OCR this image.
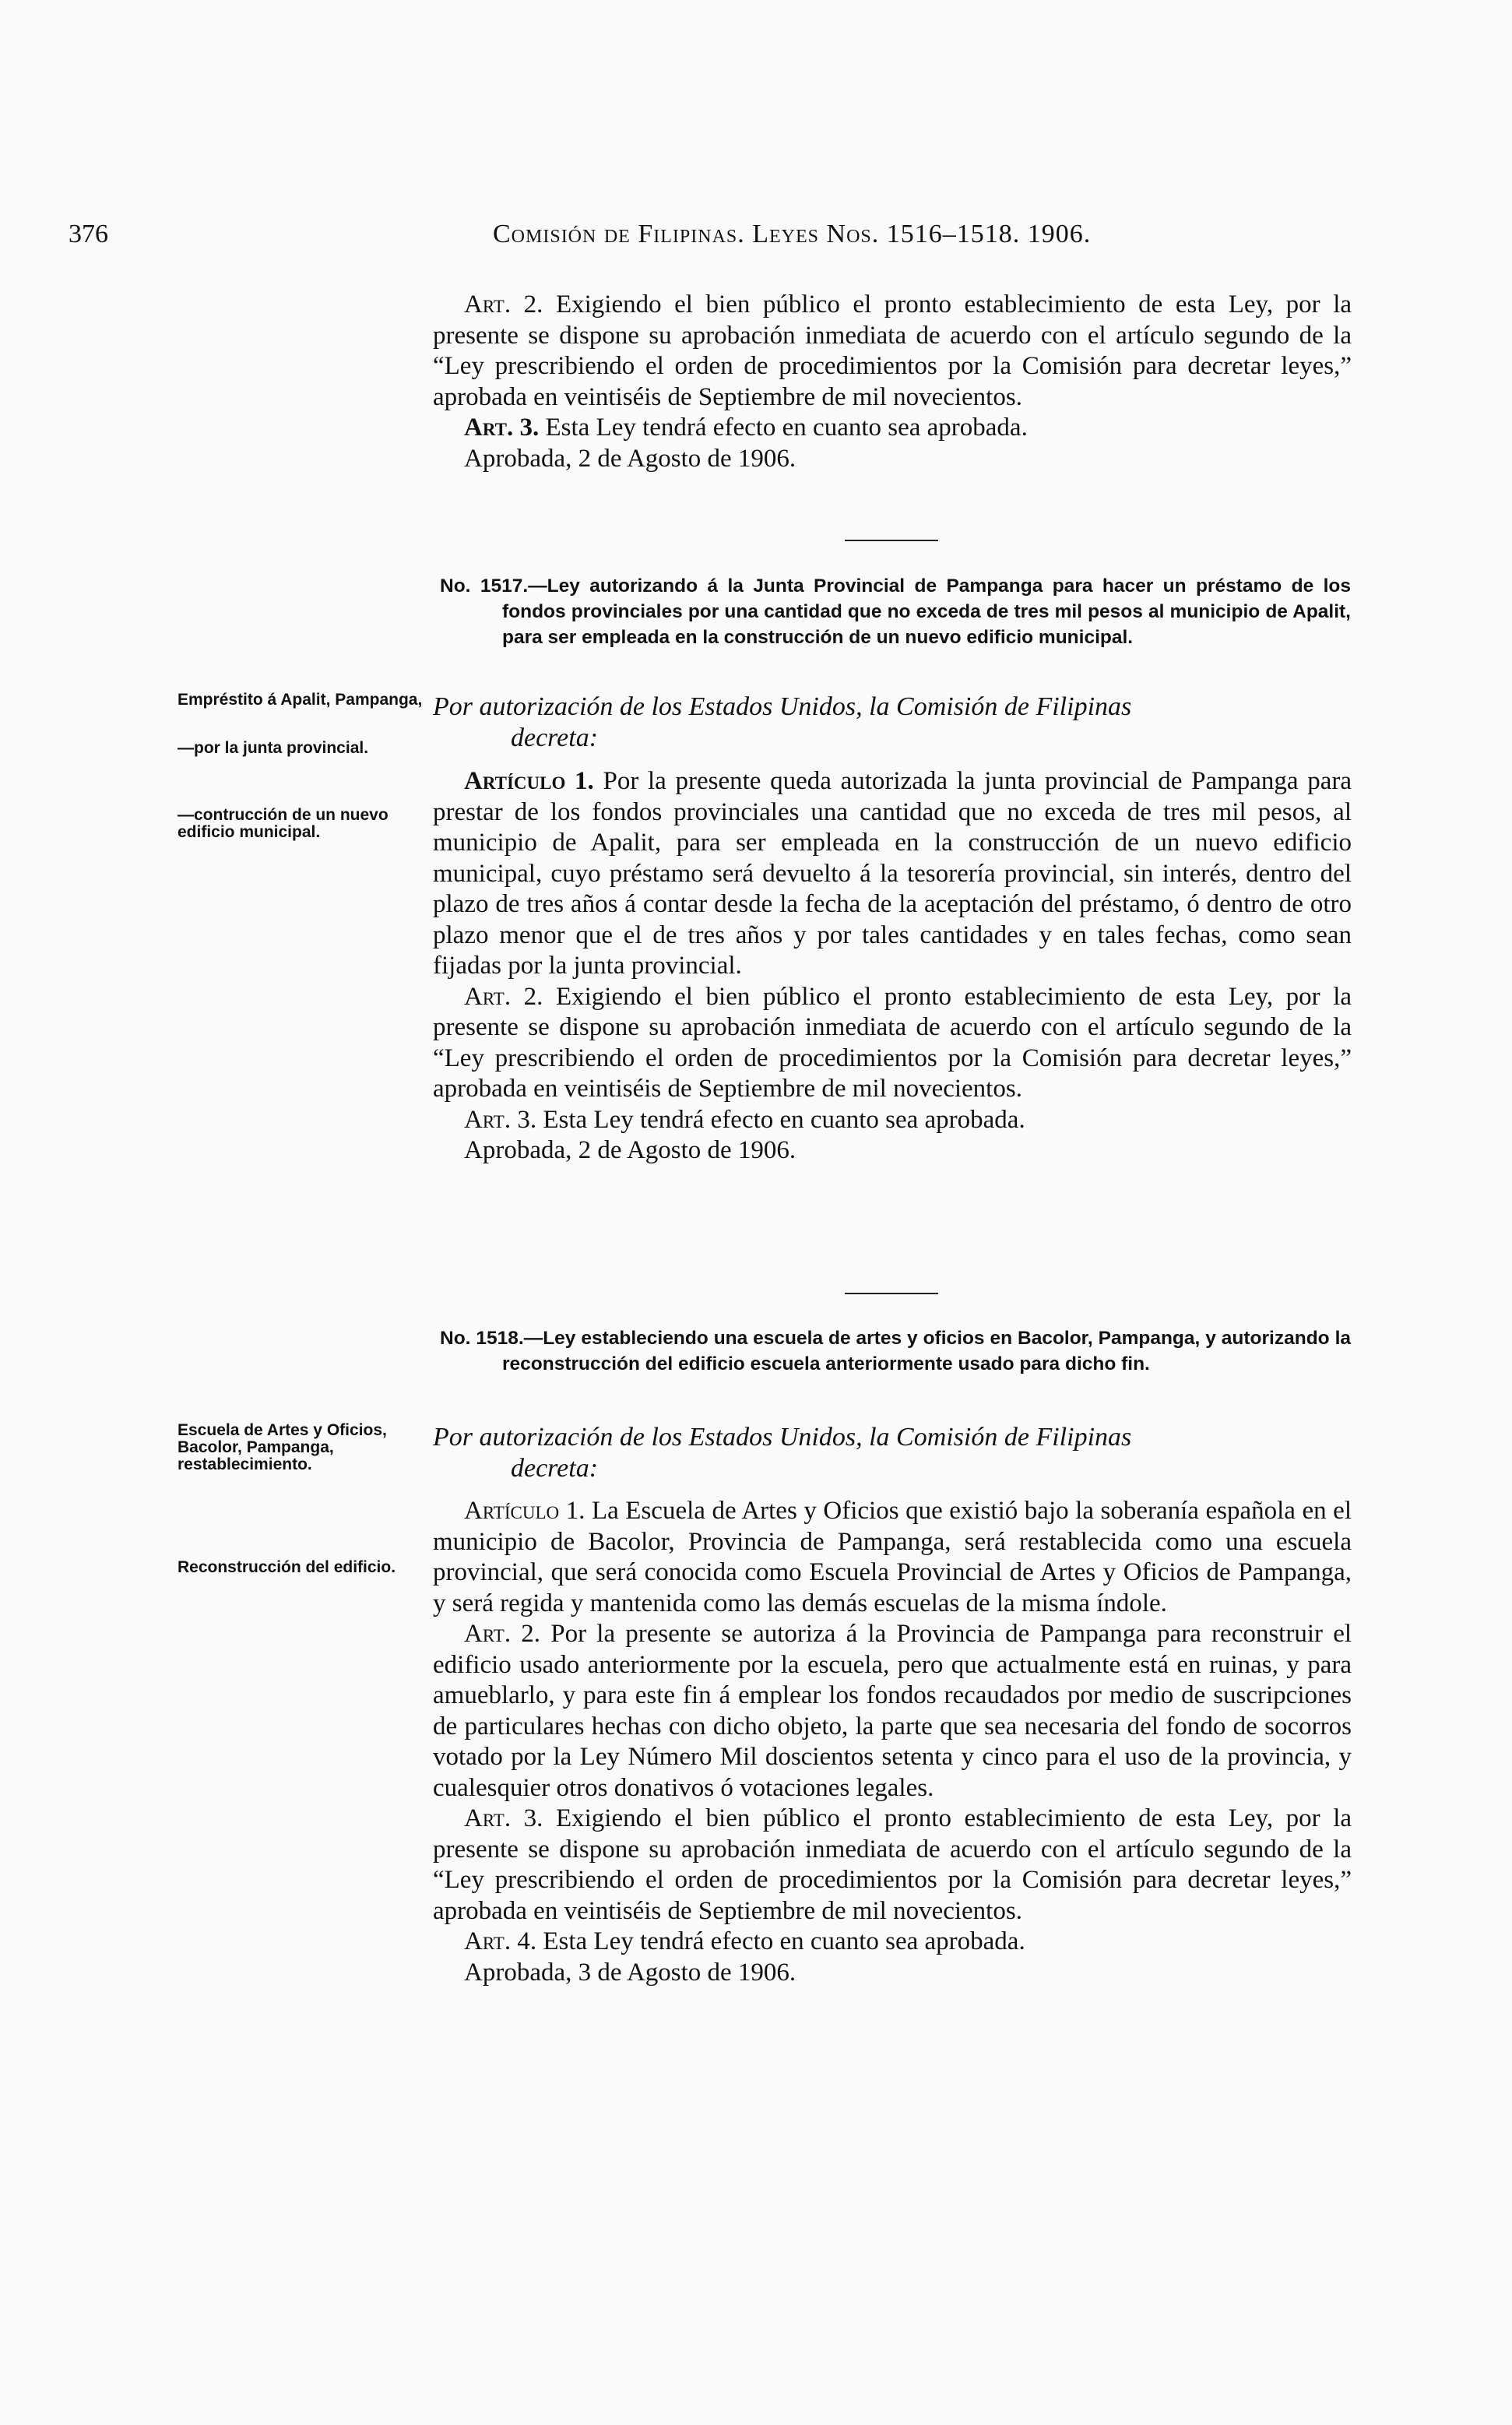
376	Comisión de Filipinas. Leyes Nos. 1516–1518. 1906.

Art. 2. Exigiendo el bien público el pronto establecimiento de esta Ley, por la presente se dispone su aprobación inmediata de acuerdo con el artículo segundo de la “Ley prescribiendo el orden de procedimientos por la Comisión para decretar leyes,” aprobada en veintiséis de Septiembre de mil novecientos.

Art. 3. Esta Ley tendrá efecto en cuanto sea aprobada.

Aprobada, 2 de Agosto de 1906.

No. 1517.—Ley autorizando á la Junta Provincial de Pampanga para hacer un préstamo de los fondos provinciales por una cantidad que no exceda de tres mil pesos al municipio de Apalit, para ser empleada en la construcción de un nuevo edificio municipal.

Empréstito á Apalit, Pampanga,

—por la junta provincial.

—contrucción de un nuevo edificio municipal.

Por autorización de los Estados Unidos, la Comisión de Filipinas
decreta:

Artículo 1. Por la presente queda autorizada la junta provincial de Pampanga para prestar de los fondos provinciales una cantidad que no exceda de tres mil pesos, al municipio de Apalit, para ser empleada en la construcción de un nuevo edificio municipal, cuyo préstamo será devuelto á la tesorería provincial, sin interés, dentro del plazo de tres años á contar desde la fecha de la aceptación del préstamo, ó dentro de otro plazo menor que el de tres años y por tales cantidades y en tales fechas, como sean fijadas por la junta provincial.

Art. 2. Exigiendo el bien público el pronto establecimiento de esta Ley, por la presente se dispone su aprobación inmediata de acuerdo con el artículo segundo de la “Ley prescribiendo el orden de procedimientos por la Comisión para decretar leyes,” aprobada en veintiséis de Septiembre de mil novecientos.

Art. 3. Esta Ley tendrá efecto en cuanto sea aprobada.

Aprobada, 2 de Agosto de 1906.

No. 1518.—Ley estableciendo una escuela de artes y oficios en Bacolor, Pampanga, y autorizando la reconstrucción del edificio escuela anteriormente usado para dicho fin.

Escuela de Artes y Oficios, Bacolor, Pampanga, restablecimiento.

Reconstrucción del edificio.

Por autorización de los Estados Unidos, la Comisión de Filipinas
decreta:

Artículo 1. La Escuela de Artes y Oficios que existió bajo la soberanía española en el municipio de Bacolor, Provincia de Pampanga, será restablecida como una escuela provincial, que será conocida como Escuela Provincial de Artes y Oficios de Pampanga, y será regida y mantenida como las demás escuelas de la misma índole.

Art. 2. Por la presente se autoriza á la Provincia de Pampanga para reconstruir el edificio usado anteriormente por la escuela, pero que actualmente está en ruinas, y para amueblarlo, y para este fin á emplear los fondos recaudados por medio de suscripciones de particulares hechas con dicho objeto, la parte que sea necesaria del fondo de socorros votado por la Ley Número Mil doscientos setenta y cinco para el uso de la provincia, y cualesquier otros donativos ó votaciones legales.

Art. 3. Exigiendo el bien público el pronto establecimiento de esta Ley, por la presente se dispone su aprobación inmediata de acuerdo con el artículo segundo de la “Ley prescribiendo el orden de procedimientos por la Comisión para decretar leyes,” aprobada en veintiséis de Septiembre de mil novecientos.

Art. 4. Esta Ley tendrá efecto en cuanto sea aprobada.

Aprobada, 3 de Agosto de 1906.
